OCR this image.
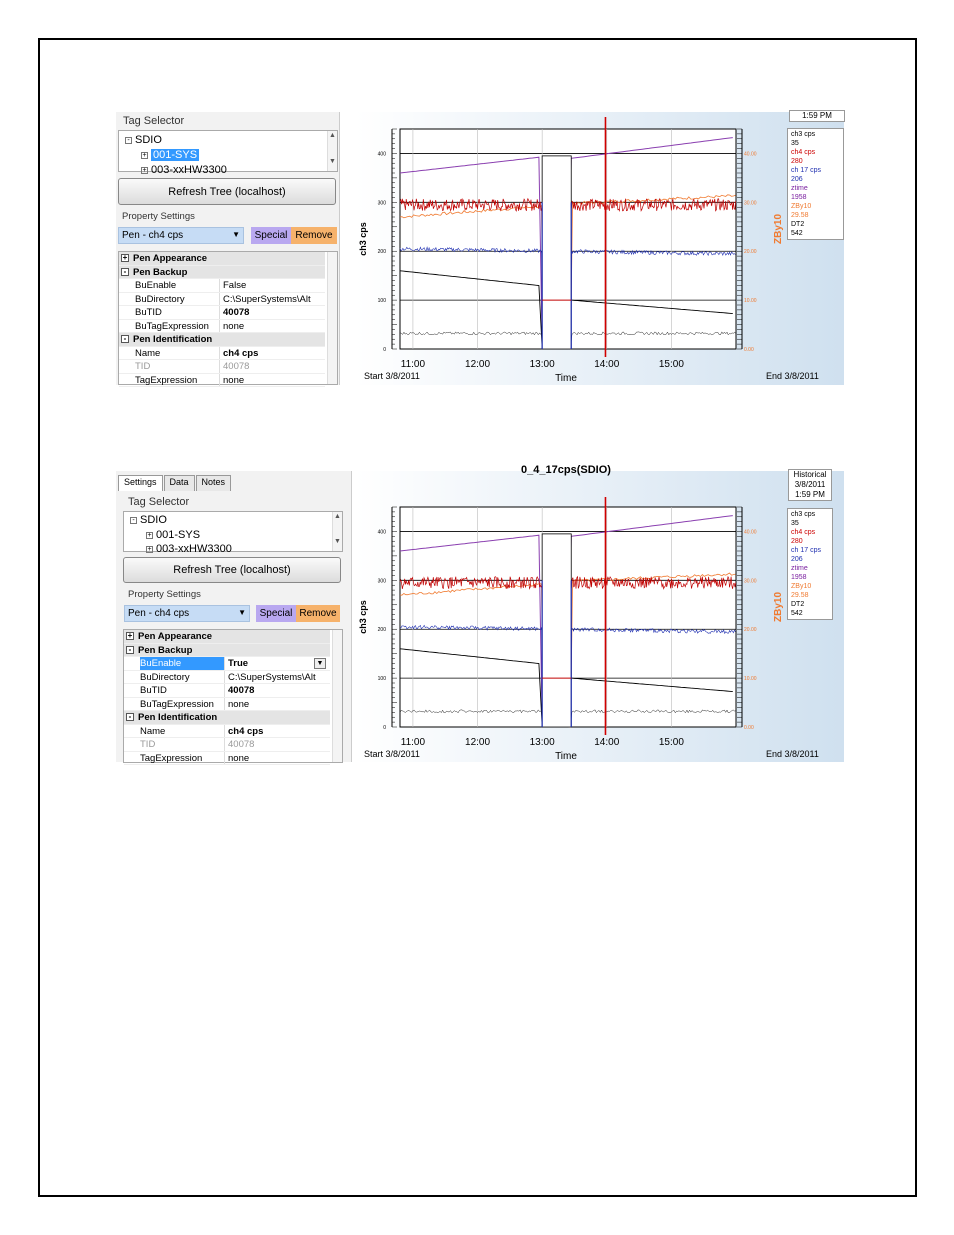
Tag Selector
- SDIO
+ 001-SYS
+ 003-xxHW3300
▲
▼
Refresh Tree (localhost)
Property Settings
Pen - ch4 cps	▼	Special Remove
+ Pen Appearance
- Pen Backup
BuEnable	False
BuDirectory	C:\SuperSystems\Alt
BuTID	40078
BuTagExpression none
- Pen Identification
Name	ch4 cps
TID	40078
TagExpression	none
400
300
200
100
0
40.00
30.00
20.00
10.00
0.00
ch3 cps	ZBy10
11:00	12:00	13:00	14:00	15:00
Time
Start 3/8/2011	End 3/8/2011
1:59 PM
ch3 cps
35
ch4 cps
280
ch 17 cps
206
ztime
1958
ZBy10
29.58
DT2
542
Settings	Data	Notes
Tag Selector
- SDIO
+ 001-SYS
+ 003-xxHW3300
▲
▼
Refresh Tree (localhost)
Property Settings
Pen - ch4 cps	▼	Special Remove
+ Pen Appearance
- Pen Backup
BuEnable	True	▼
BuDirectory	C:\SuperSystems\Alt
BuTID	40078
BuTagExpression none
- Pen Identification
Name	ch4 cps
TID	40078
TagExpression	none
400
300
200
100
0
40.00
30.00
20.00
10.00
0.00
ch3 cps	ZBy10
11:00	12:00	13:00	14:00	15:00
Time
Start 3/8/2011	End 3/8/2011
0_4_17cps(SDIO)	Historical
3/8/2011
1:59 PM
ch3 cps
35
ch4 cps
280
ch 17 cps
206
ztime
1958
ZBy10
29.58
DT2
542
